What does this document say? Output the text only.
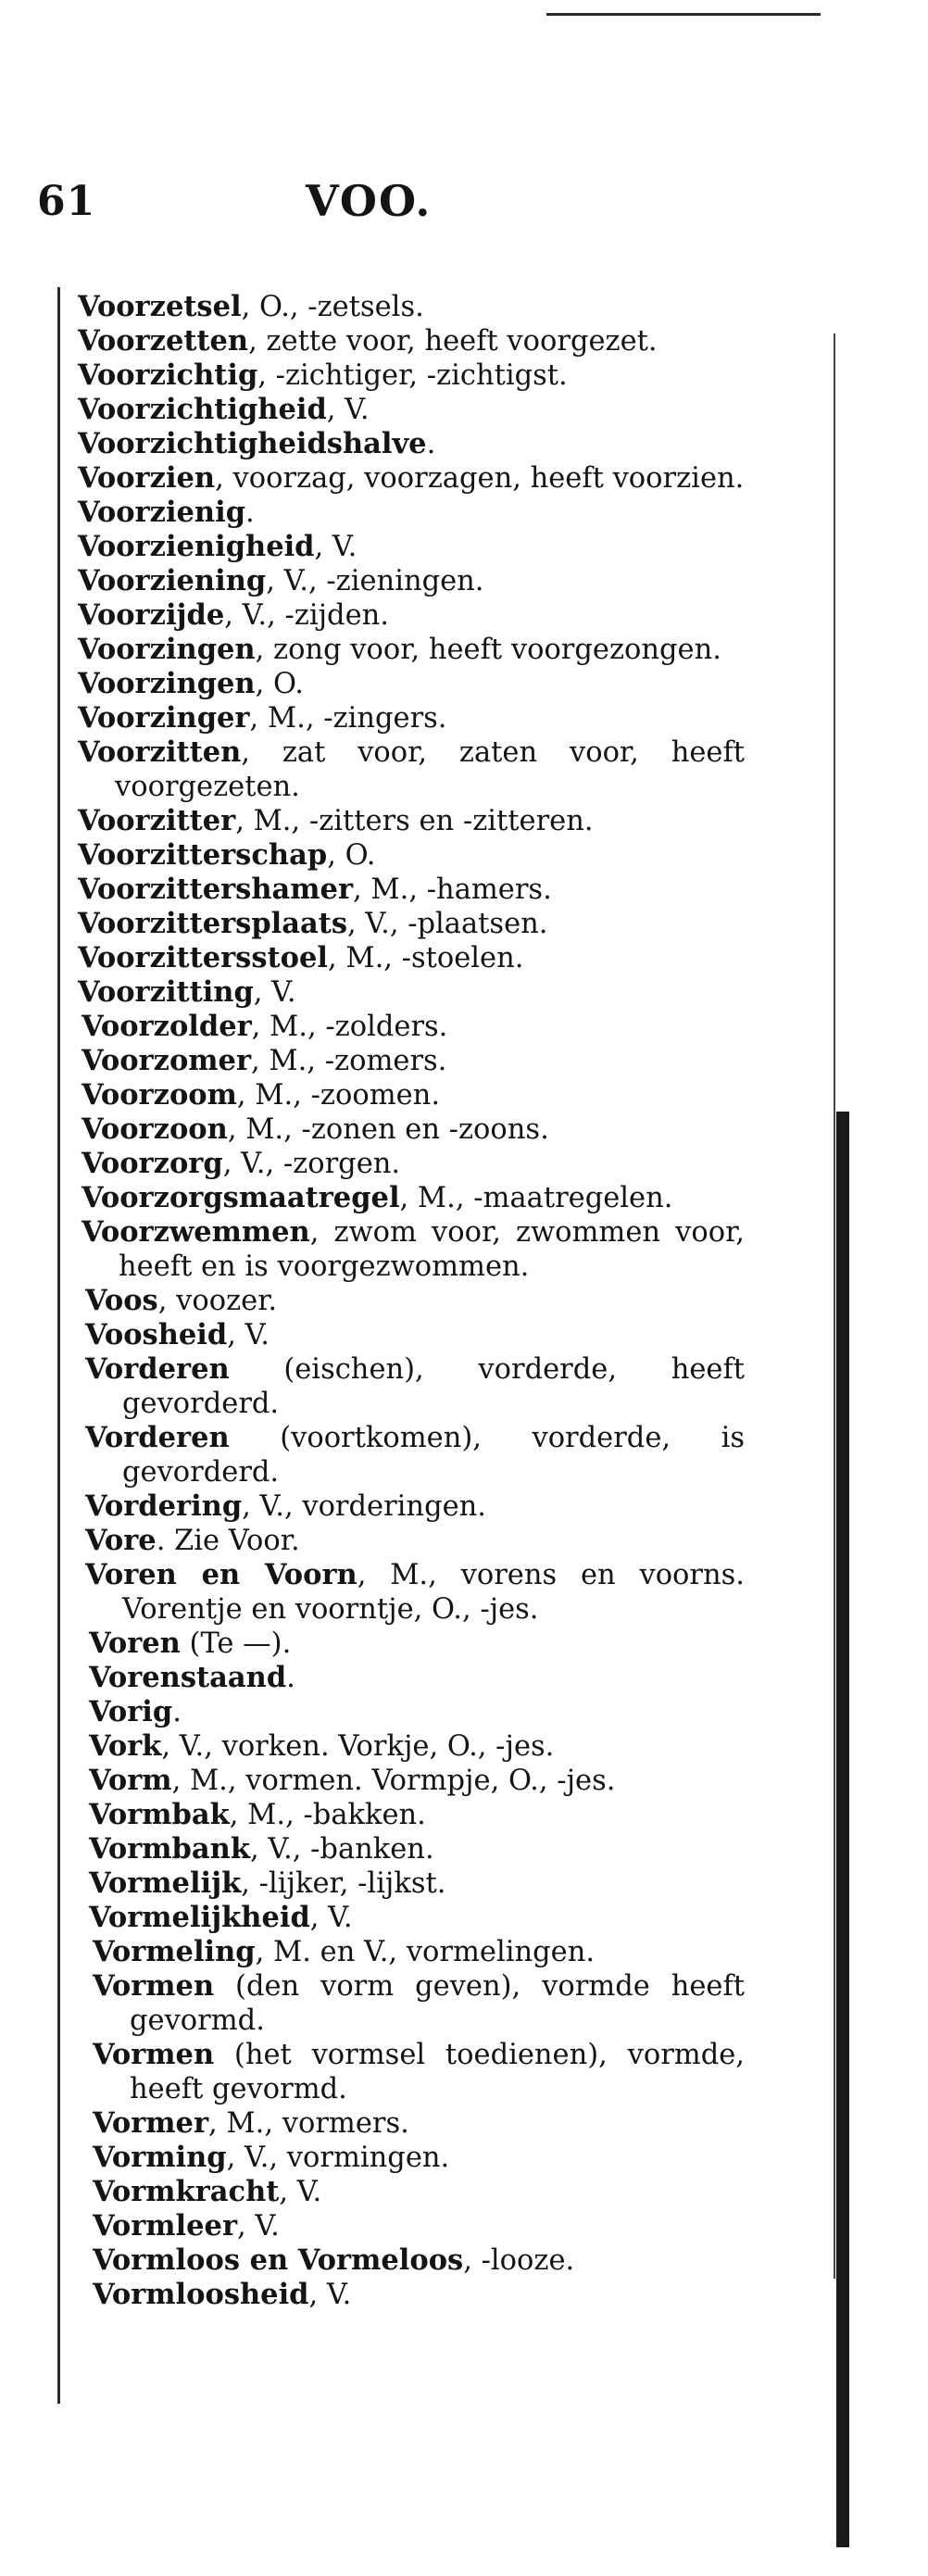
61	VOO.
Voorzetsel, O., -zetsels.
Voorzetten, zette voor, heeft voorgezet.
Voorzichtig, -zichtiger, -zichtigst.
Voorzichtigheid, V.
Voorzichtigheidshalve.
Voorzien, voorzag, voorzagen, heeft voorzien.
Voorzienig.
Voorzienigheid, V.
Voorziening, V., -zieningen.
Voorzijde, V., -zijden.
Voorzingen, zong voor, heeft voorgezongen.
Voorzingen, O.
Voorzinger, M., -zingers.
Voorzitten, zat voor, zaten voor, heeft voorgezeten.
Voorzitter, M., -zitters en -zitteren.
Voorzitterschap, O.
Voorzittershamer, M., -hamers.
Voorzittersplaats, V., -plaatsen.
Voorzittersstoel, M., -stoelen.
Voorzitting, V.
Voorzolder, M., -zolders.
Voorzomer, M., -zomers.
Voorzoom, M., -zoomen.
Voorzoon, M., -zonen en -zoons.
Voorzorg, V., -zorgen.
Voorzorgsmaatregel, M., -maatregelen.
Voorzwemmen, zwom voor, zwommen voor, heeft en is voorgezwommen.
Voos, voozer.
Voosheid, V.
Vorderen (eischen), vorderde, heeft gevorderd.
Vorderen (voortkomen), vorderde, is gevorderd.
Vordering, V., vorderingen.
Vore. Zie Voor.
Voren en Voorn, M., vorens en voorns. Vorentje en voorntje, O., -jes.
Voren (Te —).
Vorenstaand.
Vorig.
Vork, V., vorken. Vorkje, O., -jes.
Vorm, M., vormen. Vormpje, O., -jes.
Vormbak, M., -bakken.
Vormbank, V., -banken.
Vormelijk, -lijker, -lijkst.
Vormelijkheid, V.
Vormeling, M. en V., vormelingen.
Vormen (den vorm geven), vormde heeft gevormd.
Vormen (het vormsel toedienen), vormde, heeft gevormd.
Vormer, M., vormers.
Vorming, V., vormingen.
Vormkracht, V.
Vormleer, V.
Vormloos en Vormeloos, -looze.
Vormloosheid, V.
